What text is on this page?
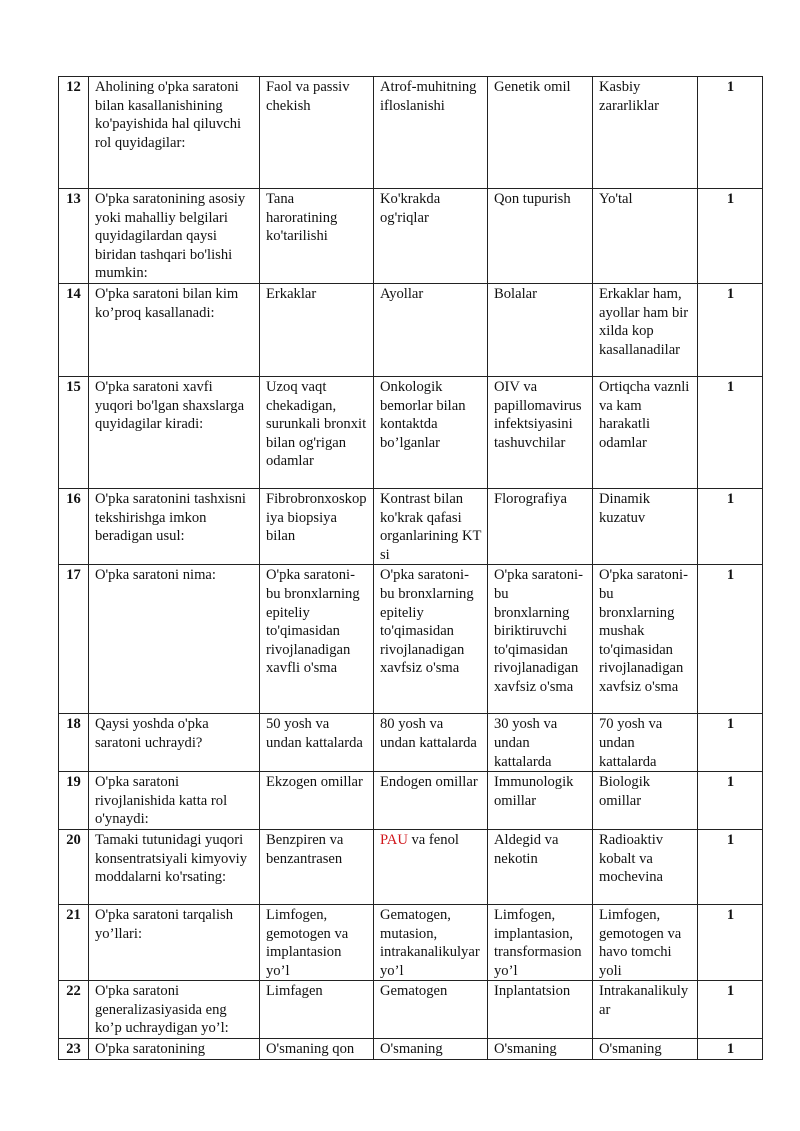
12	Aholining o'pka saratoni bilan kasallanishining ko'payishida hal qiluvchi rol quyidagilar:	Faol va passiv chekish	Atrof-muhitning ifloslanishi	Genetik omil	Kasbiy zararliklar	1
13	O'pka saratonining asosiy yoki mahalliy belgilari quyidagilardan qaysi biridan tashqari bo'lishi mumkin:	Tana haroratining ko'tarilishi	Ko'krakda og'riqlar	Qon tupurish	Yo'tal	1
14	O'pka saratoni bilan kim ko’proq kasallanadi:	Erkaklar	Ayollar	Bolalar	Erkaklar ham, ayollar ham bir xilda kop kasallanadilar	1
15	O'pka saratoni xavfi yuqori bo'lgan shaxslarga quyidagilar kiradi:	Uzoq vaqt chekadigan, surunkali bronxit bilan og'rigan odamlar	Onkologik bemorlar bilan kontaktda bo’lganlar	OIV va papillomavirus infektsiyasini tashuvchilar	Ortiqcha vaznli va kam harakatli odamlar	1
16	O'pka saratonini tashxisni tekshirishga imkon beradigan usul:	Fibrobronxoskopiya biopsiya bilan	Kontrast bilan ko'krak qafasi organlarining KT si	Florografiya	Dinamik kuzatuv	1
17	O'pka saratoni nima:	O'pka saratoni-bu bronxlarning epiteliy to'qimasidan rivojlanadigan xavfli o'sma	O'pka saratoni-bu bronxlarning epiteliy to'qimasidan rivojlanadigan xavfsiz o'sma	O'pka saratoni-bu bronxlarning biriktiruvchi to'qimasidan rivojlanadigan xavfsiz o'sma	O'pka saratoni-bu bronxlarning mushak to'qimasidan rivojlanadigan xavfsiz o'sma	1
18	Qaysi yoshda o'pka saratoni uchraydi?	50 yosh va undan kattalarda	80 yosh va undan kattalarda	30 yosh va undan kattalarda	70 yosh va undan kattalarda	1
19	O'pka saratoni rivojlanishida katta rol o'ynaydi:	Ekzogen omillar	Endogen omillar	Immunologik omillar	Biologik omillar	1
20	Tamaki tutunidagi yuqori konsentratsiyali kimyoviy moddalarni ko'rsating:	Benzpiren va benzantrasen	PAU va fenol	Aldegid va nekotin	Radioaktiv kobalt va mochevina	1
21	O'pka saratoni tarqalish yo’llari:	Limfogen, gemotogen va implantasion yo’l	Gematogen, mutasion, intrakanalikulyar yo’l	Limfogen, implantasion, transformasion yo’l	Limfogen, gemotogen va havo tomchi yoli	1
22	O'pka saratoni generalizasiyasida eng ko’p uchraydigan yo’l:	Limfagen	Gematogen	Inplantatsion	Intrakanalikulyar	1
23	O'pka saratonining	O'smaning qon	O'smaning	O'smaning	O'smaning	1
